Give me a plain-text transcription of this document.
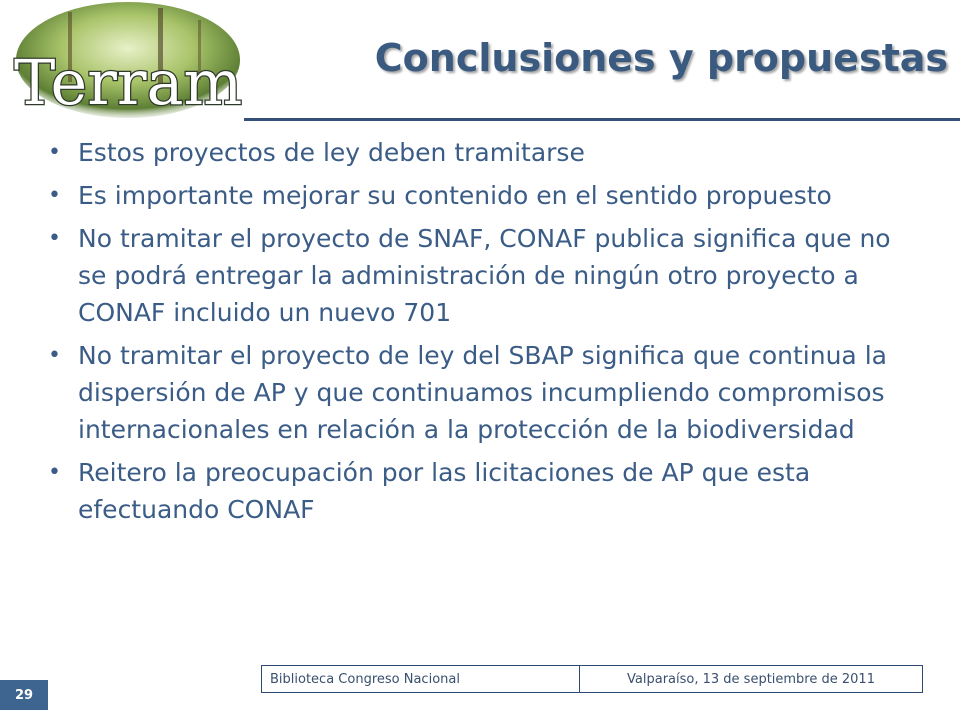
Terram	Conclusiones y propuestas
• Estos proyectos de ley deben tramitarse
• Es importante mejorar su contenido en el sentido propuesto
• No tramitar el proyecto de SNAF, CONAF publica significa que no se podrá entregar la administración de ningún otro proyecto a CONAF incluido un nuevo 701
• No tramitar el proyecto de ley del SBAP significa que continua la dispersión de AP y que continuamos incumpliendo compromisos internacionales en relación a la protección de la biodiversidad
• Reitero la preocupación por las licitaciones de AP que esta efectuando CONAF
29
Biblioteca Congreso Nacional	Valparaíso, 13 de septiembre de 2011
